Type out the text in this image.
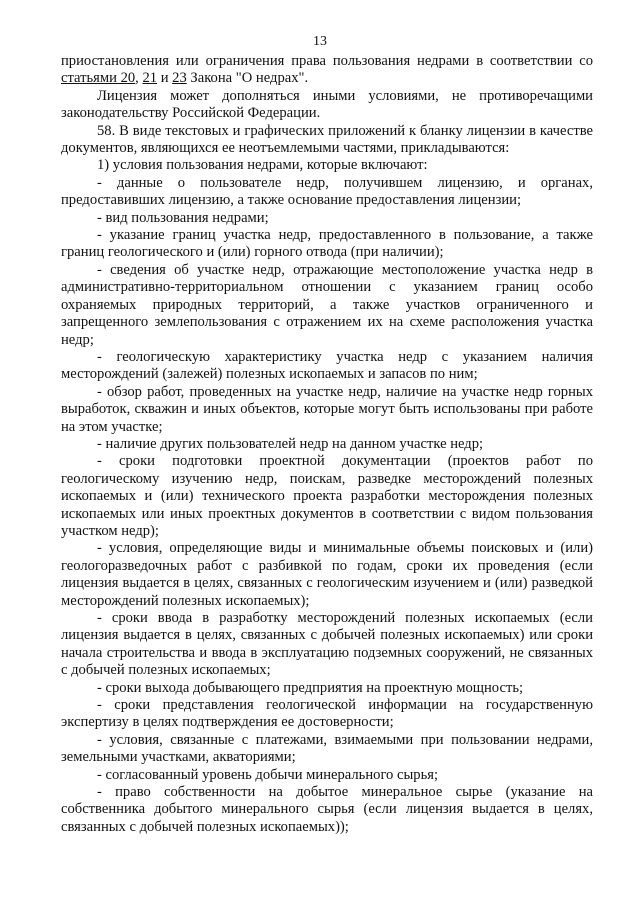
13

приостановления или ограничения права пользования недрами в соответствии со статьями 20, 21 и 23 Закона "О недрах".

Лицензия может дополняться иными условиями, не противоречащими законодательству Российской Федерации.

58. В виде текстовых и графических приложений к бланку лицензии в качестве документов, являющихся ее неотъемлемыми частями, прикладываются:

1) условия пользования недрами, которые включают:

- данные о пользователе недр, получившем лицензию, и органах, предоставивших лицензию, а также основание предоставления лицензии;

- вид пользования недрами;

- указание границ участка недр, предоставленного в пользование, а также границ геологического и (или) горного отвода (при наличии);

- сведения об участке недр, отражающие местоположение участка недр в административно-территориальном отношении с указанием границ особо охраняемых природных территорий, а также участков ограниченного и запрещенного землепользования с отражением их на схеме расположения участка недр;

- геологическую характеристику участка недр с указанием наличия месторождений (залежей) полезных ископаемых и запасов по ним;

- обзор работ, проведенных на участке недр, наличие на участке недр горных выработок, скважин и иных объектов, которые могут быть использованы при работе на этом участке;

- наличие других пользователей недр на данном участке недр;

- сроки подготовки проектной документации (проектов работ по геологическому изучению недр, поискам, разведке месторождений полезных ископаемых и (или) технического проекта разработки месторождения полезных ископаемых или иных проектных документов в соответствии с видом пользования участком недр);

- условия, определяющие виды и минимальные объемы поисковых и (или) геологоразведочных работ с разбивкой по годам, сроки их проведения (если лицензия выдается в целях, связанных с геологическим изучением и (или) разведкой месторождений полезных ископаемых);

- сроки ввода в разработку месторождений полезных ископаемых (если лицензия выдается в целях, связанных с добычей полезных ископаемых) или сроки начала строительства и ввода в эксплуатацию подземных сооружений, не связанных с добычей полезных ископаемых;

- сроки выхода добывающего предприятия на проектную мощность;

- сроки представления геологической информации на государственную экспертизу в целях подтверждения ее достоверности;

- условия, связанные с платежами, взимаемыми при пользовании недрами, земельными участками, акваториями;

- согласованный уровень добычи минерального сырья;

- право собственности на добытое минеральное сырье (указание на собственника добытого минерального сырья (если лицензия выдается в целях, связанных с добычей полезных ископаемых));
